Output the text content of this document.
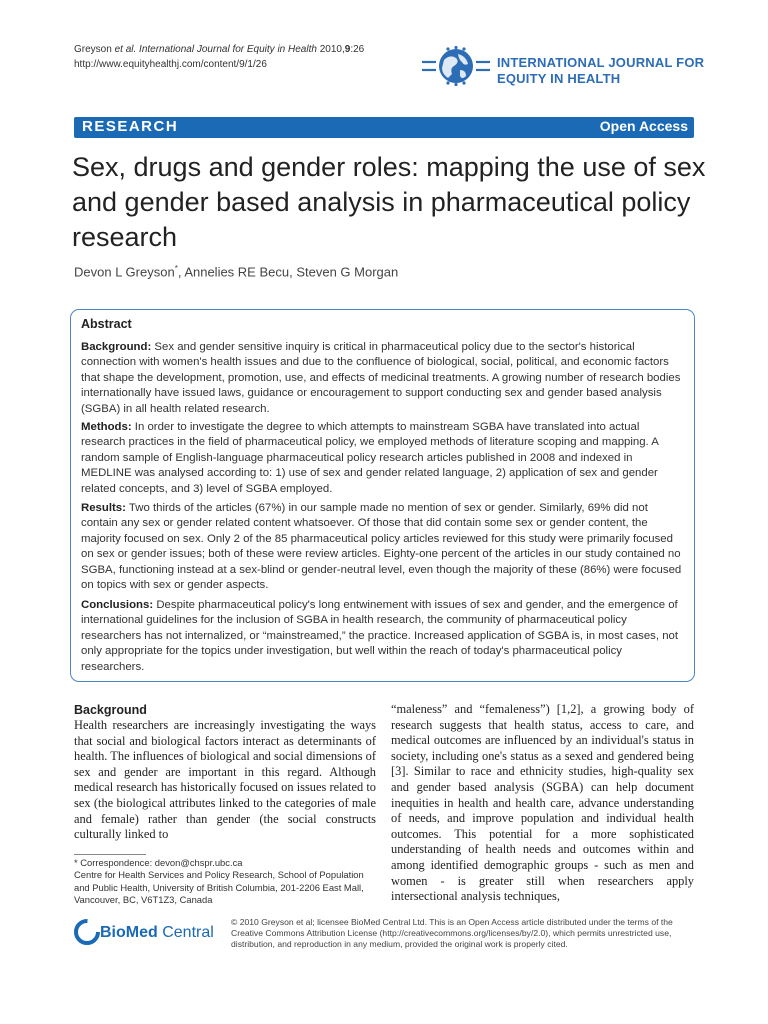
Greyson et al. International Journal for Equity in Health 2010,9:26
http://www.equityhealthj.com/content/9/1/26	INTERNATIONAL JOURNAL FOR
EQUITY IN HEALTH
RESEARCH	Open Access
Sex, drugs and gender roles: mapping the use of sex and gender based analysis in pharmaceutical policy research
Devon L Greyson*, Annelies RE Becu, Steven G Morgan
Abstract
Background: Sex and gender sensitive inquiry is critical in pharmaceutical policy due to the sector's historical connection with women's health issues and due to the confluence of biological, social, political, and economic factors that shape the development, promotion, use, and effects of medicinal treatments. A growing number of research bodies internationally have issued laws, guidance or encouragement to support conducting sex and gender based analysis (SGBA) in all health related research.
Methods: In order to investigate the degree to which attempts to mainstream SGBA have translated into actual research practices in the field of pharmaceutical policy, we employed methods of literature scoping and mapping. A random sample of English-language pharmaceutical policy research articles published in 2008 and indexed in MEDLINE was analysed according to: 1) use of sex and gender related language, 2) application of sex and gender related concepts, and 3) level of SGBA employed.
Results: Two thirds of the articles (67%) in our sample made no mention of sex or gender. Similarly, 69% did not contain any sex or gender related content whatsoever. Of those that did contain some sex or gender content, the majority focused on sex. Only 2 of the 85 pharmaceutical policy articles reviewed for this study were primarily focused on sex or gender issues; both of these were review articles. Eighty-one percent of the articles in our study contained no SGBA, functioning instead at a sex-blind or gender-neutral level, even though the majority of these (86%) were focused on topics with sex or gender aspects.
Conclusions: Despite pharmaceutical policy's long entwinement with issues of sex and gender, and the emergence of international guidelines for the inclusion of SGBA in health research, the community of pharmaceutical policy researchers has not internalized, or “mainstreamed,” the practice. Increased application of SGBA is, in most cases, not only appropriate for the topics under investigation, but well within the reach of today's pharmaceutical policy researchers.
Background
Health researchers are increasingly investigating the ways that social and biological factors interact as determinants of health. The influences of biological and social dimensions of sex and gender are important in this regard. Although medical research has historically focused on issues related to sex (the biological attributes linked to the categories of male and female) rather than gender (the social constructs culturally linked to
“maleness” and “femaleness”) [1,2], a growing body of research suggests that health status, access to care, and medical outcomes are influenced by an individual's status in society, including one's status as a sexed and gendered being [3]. Similar to race and ethnicity studies, high-quality sex and gender based analysis (SGBA) can help document inequities in health and health care, advance understanding of needs, and improve population and individual health outcomes. This potential for a more sophisticated understanding of health needs and outcomes within and among identified demographic groups - such as men and women - is greater still when researchers apply intersectional analysis techniques,
* Correspondence: devon@chspr.ubc.ca
Centre for Health Services and Policy Research, School of Population and Public Health, University of British Columbia, 201-2206 East Mall, Vancouver, BC, V6T1Z3, Canada
BioMed Central
© 2010 Greyson et al; licensee BioMed Central Ltd. This is an Open Access article distributed under the terms of the Creative Commons Attribution License (http://creativecommons.org/licenses/by/2.0), which permits unrestricted use, distribution, and reproduction in any medium, provided the original work is properly cited.
